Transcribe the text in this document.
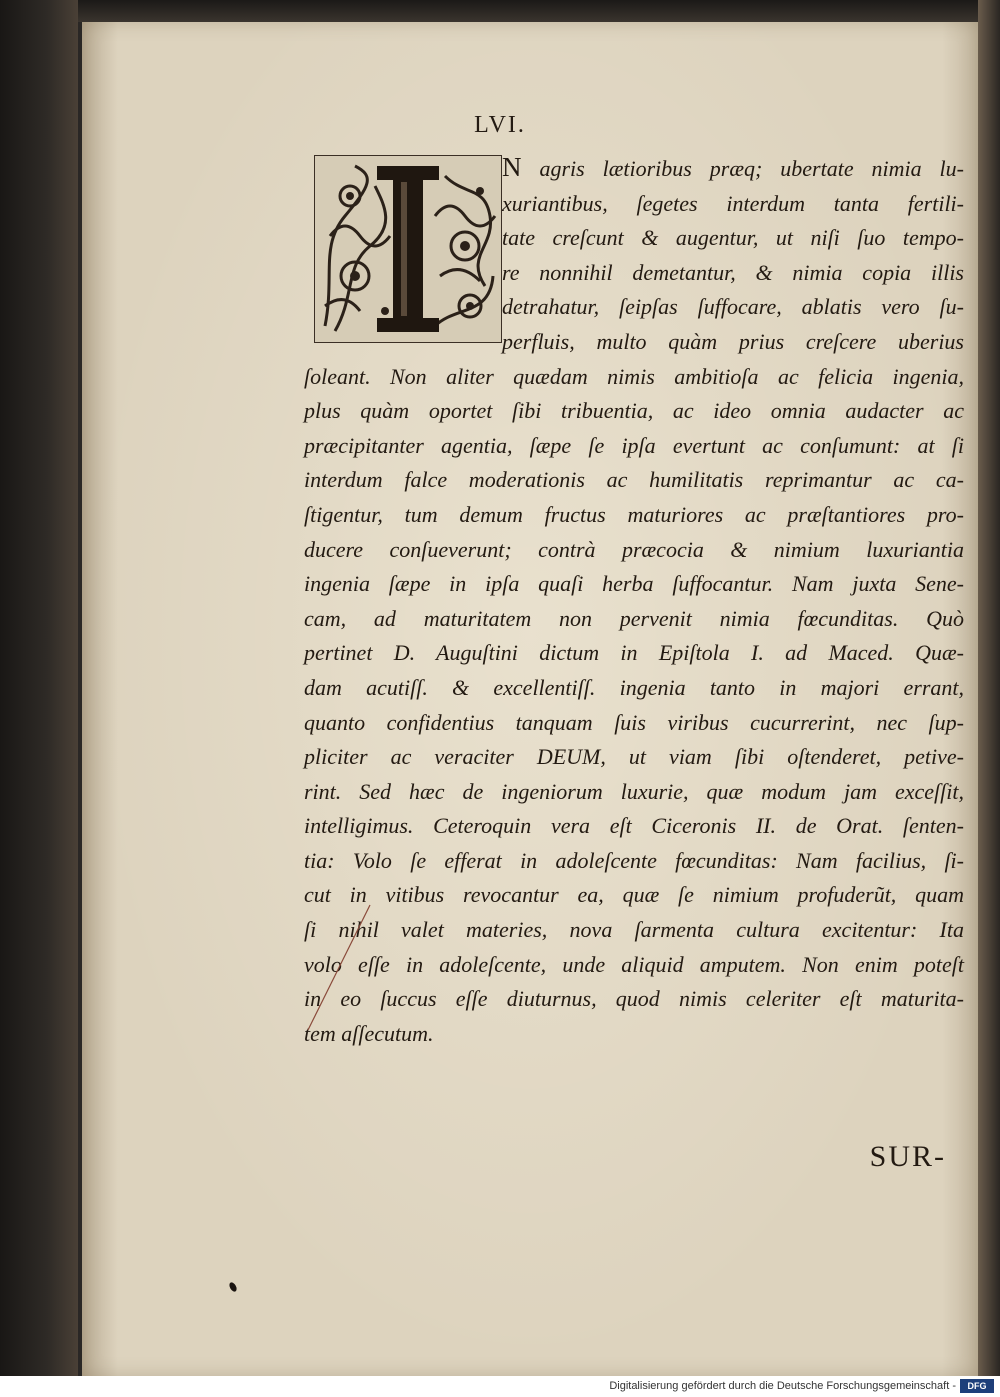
LVI.
N agris lætioribus præq; ubertate nimia lu-
xuriantibus, ſegetes interdum tanta fertili-
tate creſcunt & augentur, ut niſi ſuo tempo-
re nonnihil demetantur, & nimia copia illis
detrahatur, ſeipſas ſuffocare, ablatis vero ſu-
perfluis, multo quàm prius creſcere uberius
ſoleant. Non aliter quædam nimis ambitioſa ac felicia ingenia,
plus quàm oportet ſibi tribuentia, ac ideo omnia audacter ac
præcipitanter agentia, ſæpe ſe ipſa evertunt ac conſumunt: at ſi
interdum falce moderationis ac humilitatis reprimantur ac ca-
ſtigentur, tum demum fructus maturiores ac præſtantiores pro-
ducere conſueverunt; contrà præcocia & nimium luxuriantia
ingenia ſæpe in ipſa quaſi herba ſuffocantur. Nam juxta Sene-
cam, ad maturitatem non pervenit nimia fœcunditas. Quò
pertinet D. Auguſtini dictum in Epiſtola I. ad Maced. Quæ-
dam acutiſſ. & excellentiſſ. ingenia tanto in majori errant,
quanto confidentius tanquam ſuis viribus cucurrerint, nec ſup-
pliciter ac veraciter DEUM, ut viam ſibi oſtenderet, petive-
rint. Sed hæc de ingeniorum luxurie, quæ modum jam exceſſit,
intelligimus. Ceteroquin vera eſt Ciceronis II. de Orat. ſenten-
tia: Volo ſe efferat in adoleſcente fœcunditas: Nam facilius, ſi-
cut in vitibus revocantur ea, quæ ſe nimium profuderũt, quam
ſi nihil valet materies, nova ſarmenta cultura excitentur: Ita
volo eſſe in adoleſcente, unde aliquid amputem. Non enim poteſt
in eo ſuccus eſſe diuturnus, quod nimis celeriter eſt maturita-
tem aſſecutum.
SUR-
Digitalisierung gefördert durch die Deutsche Forschungsgemeinschaft -	DFG
